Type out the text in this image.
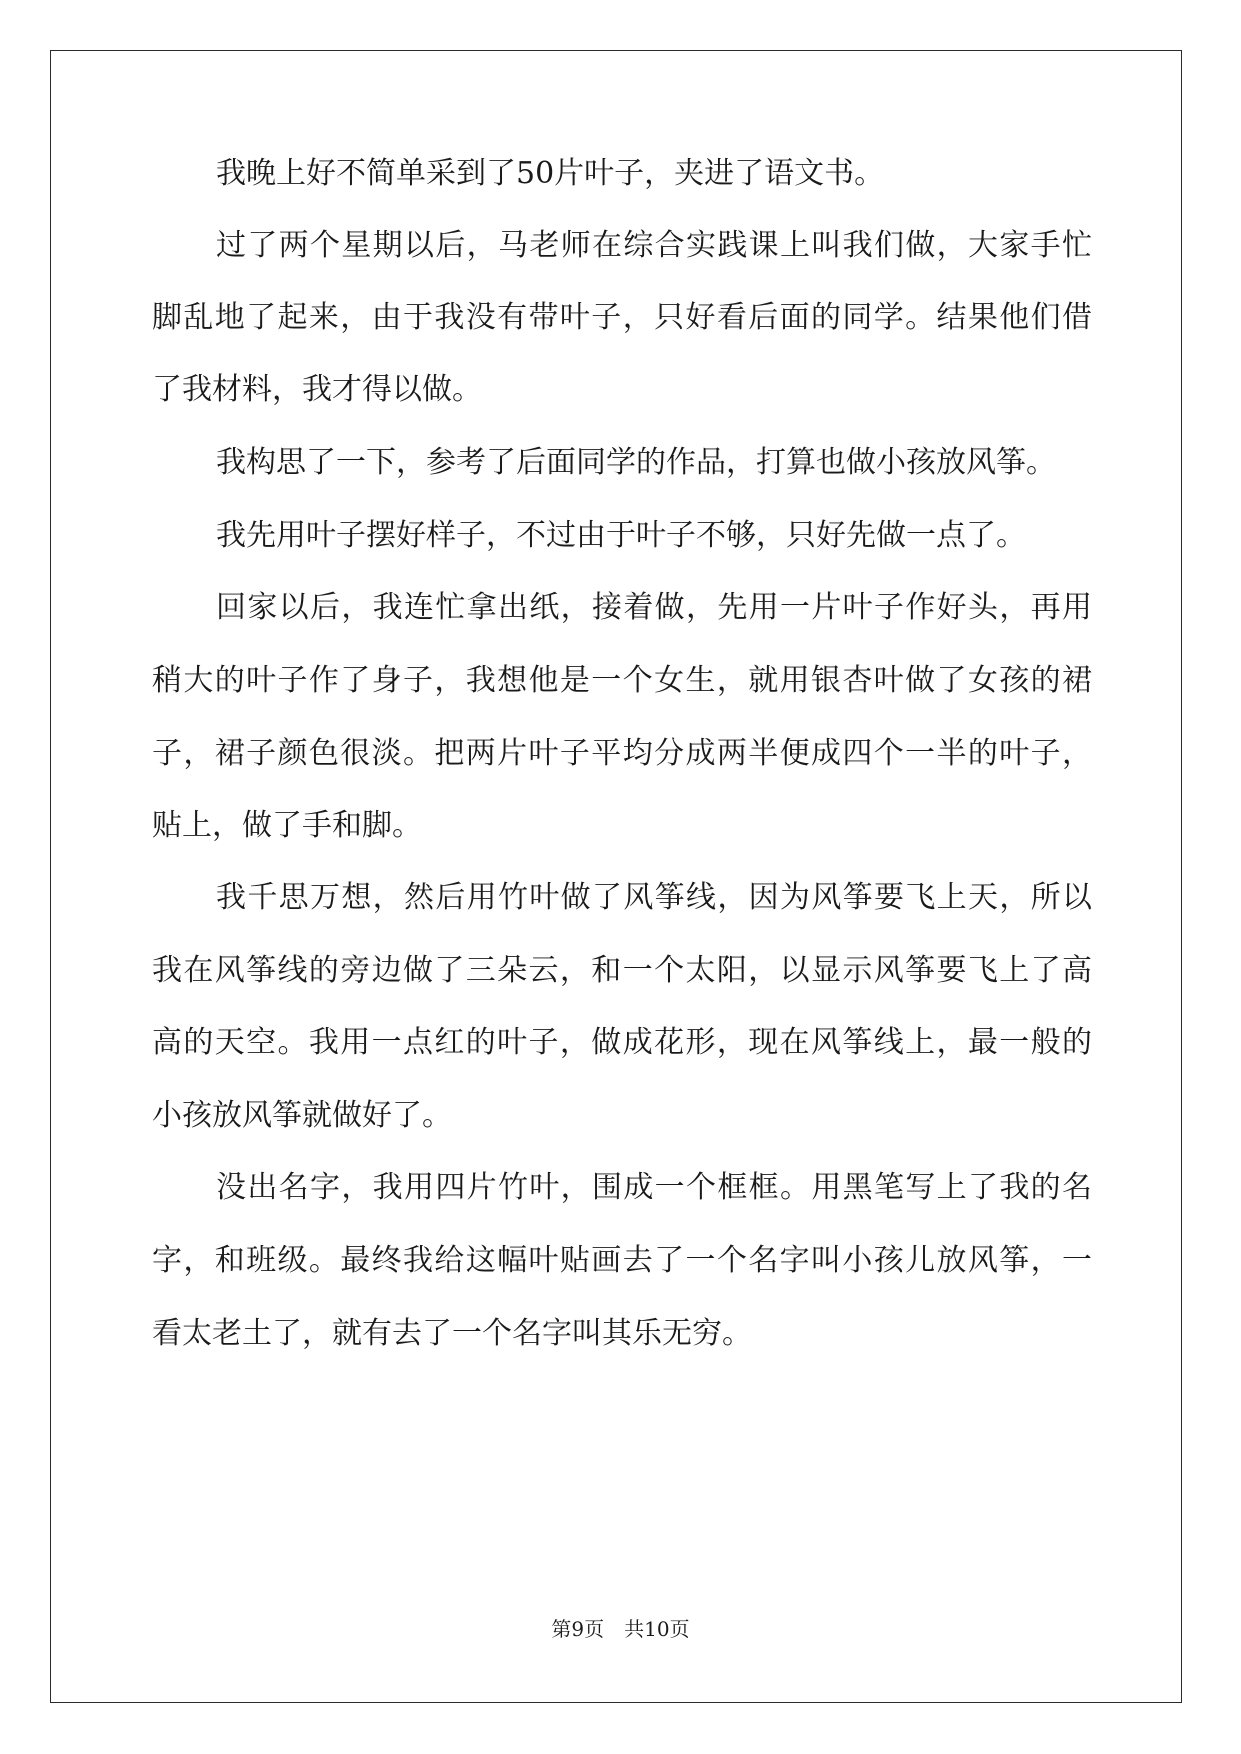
我晚上好不简单采到了50片叶子，夹进了语文书。
过了两个星期以后，马老师在综合实践课上叫我们做，大家手忙
脚乱地了起来，由于我没有带叶子，只好看后面的同学。结果他们借
了我材料，我才得以做。
我构思了一下，参考了后面同学的作品，打算也做小孩放风筝。
我先用叶子摆好样子，不过由于叶子不够，只好先做一点了。
回家以后，我连忙拿出纸，接着做，先用一片叶子作好头，再用
稍大的叶子作了身子，我想他是一个女生，就用银杏叶做了女孩的裙
子，裙子颜色很淡。把两片叶子平均分成两半便成四个一半的叶子，
贴上，做了手和脚。
我千思万想，然后用竹叶做了风筝线，因为风筝要飞上天，所以
我在风筝线的旁边做了三朵云，和一个太阳，以显示风筝要飞上了高
高的天空。我用一点红的叶子，做成花形，现在风筝线上，最一般的
小孩放风筝就做好了。
没出名字，我用四片竹叶，围成一个框框。用黑笔写上了我的名
字，和班级。最终我给这幅叶贴画去了一个名字叫小孩儿放风筝，一
看太老土了，就有去了一个名字叫其乐无穷。
第9页 共10页
